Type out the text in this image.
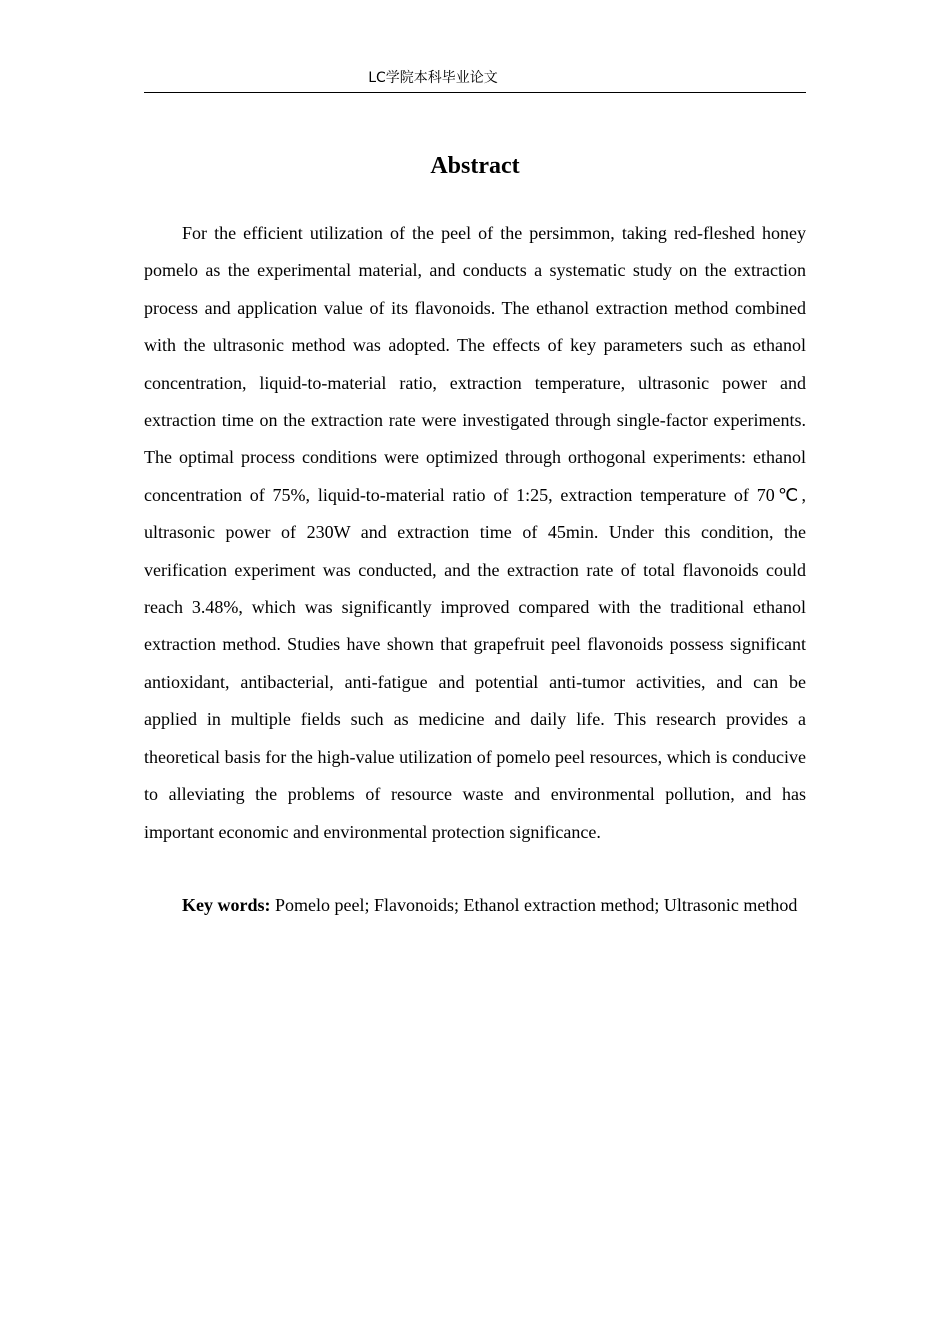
LC学院本科毕业论文
Abstract

For the efficient utilization of the peel of the persimmon, taking red-fleshed honey pomelo as the experimental material, and conducts a systematic study on the extraction process and application value of its flavonoids. The ethanol extraction method combined with the ultrasonic method was adopted. The effects of key parameters such as ethanol concentration, liquid-to-material ratio, extraction temperature, ultrasonic power and extraction time on the extraction rate were investigated through single-factor experiments. The optimal process conditions were optimized through orthogonal experiments: ethanol concentration of 75%, liquid-to-material ratio of 1:25, extraction temperature of 70℃, ultrasonic power of 230W and extraction time of 45min. Under this condition, the verification experiment was conducted, and the extraction rate of total flavonoids could reach 3.48%, which was significantly improved compared with the traditional ethanol extraction method. Studies have shown that grapefruit peel flavonoids possess significant antioxidant, antibacterial, anti-fatigue and potential anti-tumor activities, and can be applied in multiple fields such as medicine and daily life. This research provides a theoretical basis for the high-value utilization of pomelo peel resources, which is conducive to alleviating the problems of resource waste and environmental pollution, and has important economic and environmental protection significance.

Key words: Pomelo peel; Flavonoids; Ethanol extraction method; Ultrasonic method
